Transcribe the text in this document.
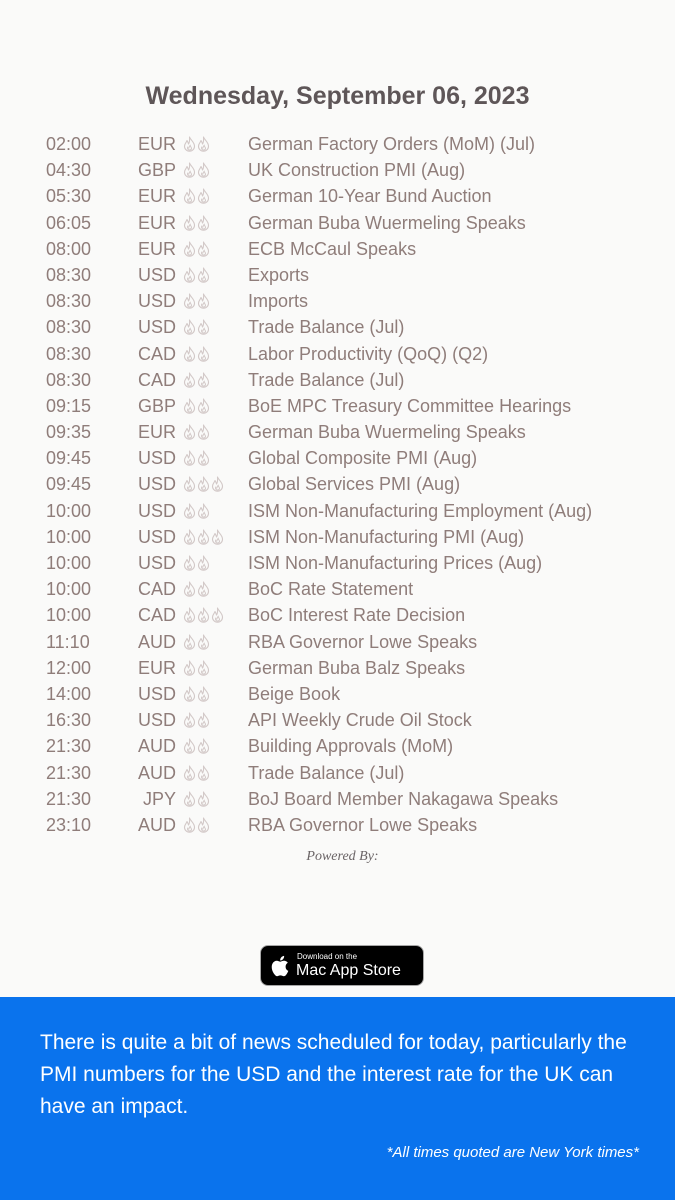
Wednesday, September 06, 2023
02:00	EUR	German Factory Orders (MoM) (Jul)
04:30	GBP	UK Construction PMI (Aug)
05:30	EUR	German 10-Year Bund Auction
06:05	EUR	German Buba Wuermeling Speaks
08:00	EUR	ECB McCaul Speaks
08:30	USD	Exports
08:30	USD	Imports
08:30	USD	Trade Balance (Jul)
08:30	CAD	Labor Productivity (QoQ) (Q2)
08:30	CAD	Trade Balance (Jul)
09:15	GBP	BoE MPC Treasury Committee Hearings
09:35	EUR	German Buba Wuermeling Speaks
09:45	USD	Global Composite PMI (Aug)
09:45	USD	Global Services PMI (Aug)
10:00	USD	ISM Non-Manufacturing Employment (Aug)
10:00	USD	ISM Non-Manufacturing PMI (Aug)
10:00	USD	ISM Non-Manufacturing Prices (Aug)
10:00	CAD	BoC Rate Statement
10:00	CAD	BoC Interest Rate Decision
11:10	AUD	RBA Governor Lowe Speaks
12:00	EUR	German Buba Balz Speaks
14:00	USD	Beige Book
16:30	USD	API Weekly Crude Oil Stock
21:30	AUD	Building Approvals (MoM)
21:30	AUD	Trade Balance (Jul)
21:30	JPY	BoJ Board Member Nakagawa Speaks
23:10	AUD	RBA Governor Lowe Speaks
Powered By:
Download on the
Mac App Store
There is quite a bit of news scheduled for today, particularly the PMI numbers for the USD and the interest rate for the UK can have an impact.
*All times quoted are New York times*
